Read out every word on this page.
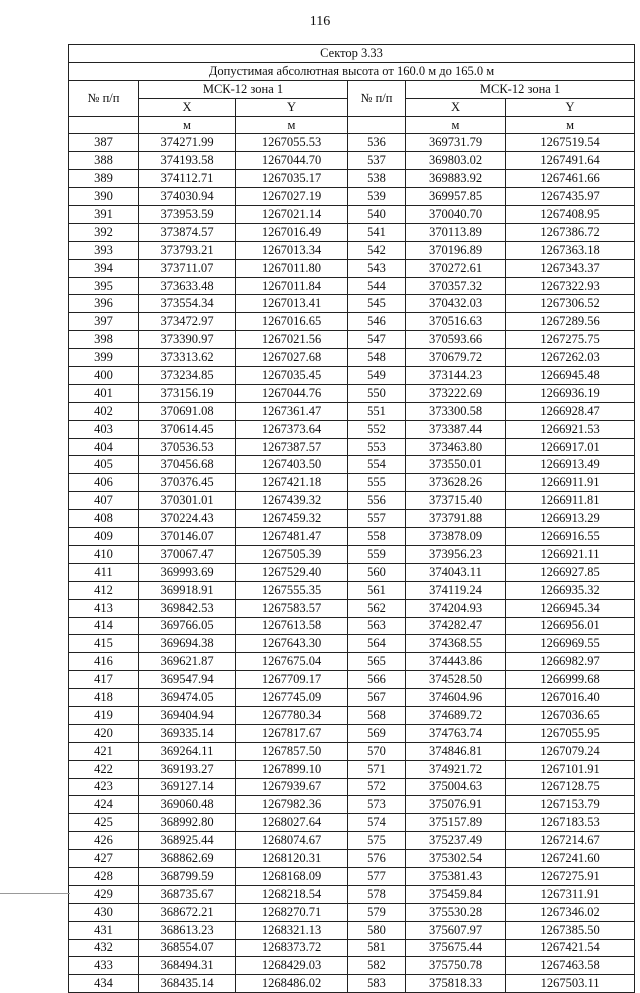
116
Сектор 3.33					
Допустимая абсолютная высота от 160.0 м до 165.0 м					
№ п/п	МСК-12 зона 1		№ п/п	МСК-12 зона 1	
	X	Y		X	Y
	м	м		м	м
387	374271.99	1267055.53	536	369731.79	1267519.54
388	374193.58	1267044.70	537	369803.02	1267491.64
389	374112.71	1267035.17	538	369883.92	1267461.66
390	374030.94	1267027.19	539	369957.85	1267435.97
391	373953.59	1267021.14	540	370040.70	1267408.95
392	373874.57	1267016.49	541	370113.89	1267386.72
393	373793.21	1267013.34	542	370196.89	1267363.18
394	373711.07	1267011.80	543	370272.61	1267343.37
395	373633.48	1267011.84	544	370357.32	1267322.93
396	373554.34	1267013.41	545	370432.03	1267306.52
397	373472.97	1267016.65	546	370516.63	1267289.56
398	373390.97	1267021.56	547	370593.66	1267275.75
399	373313.62	1267027.68	548	370679.72	1267262.03
400	373234.85	1267035.45	549	373144.23	1266945.48
401	373156.19	1267044.76	550	373222.69	1266936.19
402	370691.08	1267361.47	551	373300.58	1266928.47
403	370614.45	1267373.64	552	373387.44	1266921.53
404	370536.53	1267387.57	553	373463.80	1266917.01
405	370456.68	1267403.50	554	373550.01	1266913.49
406	370376.45	1267421.18	555	373628.26	1266911.91
407	370301.01	1267439.32	556	373715.40	1266911.81
408	370224.43	1267459.32	557	373791.88	1266913.29
409	370146.07	1267481.47	558	373878.09	1266916.55
410	370067.47	1267505.39	559	373956.23	1266921.11
411	369993.69	1267529.40	560	374043.11	1266927.85
412	369918.91	1267555.35	561	374119.24	1266935.32
413	369842.53	1267583.57	562	374204.93	1266945.34
414	369766.05	1267613.58	563	374282.47	1266956.01
415	369694.38	1267643.30	564	374368.55	1266969.55
416	369621.87	1267675.04	565	374443.86	1266982.97
417	369547.94	1267709.17	566	374528.50	1266999.68
418	369474.05	1267745.09	567	374604.96	1267016.40
419	369404.94	1267780.34	568	374689.72	1267036.65
420	369335.14	1267817.67	569	374763.74	1267055.95
421	369264.11	1267857.50	570	374846.81	1267079.24
422	369193.27	1267899.10	571	374921.72	1267101.91
423	369127.14	1267939.67	572	375004.63	1267128.75
424	369060.48	1267982.36	573	375076.91	1267153.79
425	368992.80	1268027.64	574	375157.89	1267183.53
426	368925.44	1268074.67	575	375237.49	1267214.67
427	368862.69	1268120.31	576	375302.54	1267241.60
428	368799.59	1268168.09	577	375381.43	1267275.91
429	368735.67	1268218.54	578	375459.84	1267311.91
430	368672.21	1268270.71	579	375530.28	1267346.02
431	368613.23	1268321.13	580	375607.97	1267385.50
432	368554.07	1268373.72	581	375675.44	1267421.54
433	368494.31	1268429.03	582	375750.78	1267463.58
434	368435.14	1268486.02	583	375818.33	1267503.11
